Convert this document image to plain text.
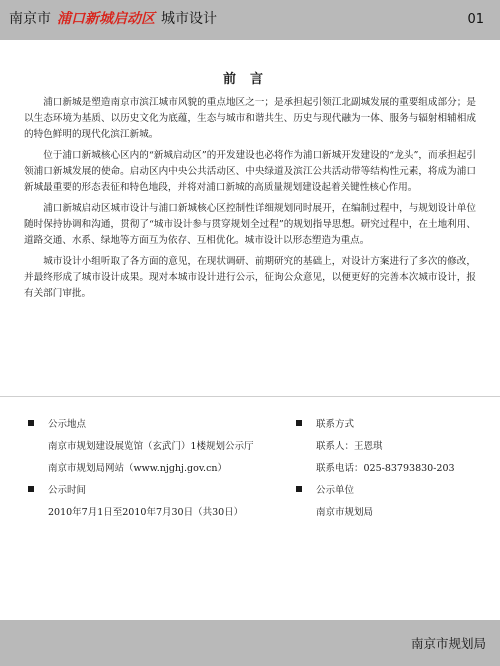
南京市 浦口新城启动区 城市设计	01
前言

浦口新城是塑造南京市滨江城市风貌的重点地区之一；是承担起引领江北副城发展的重要组成部分；是以生态环境为基质、以历史文化为底蕴，生态与城市和谐共生、历史与现代融为一体、服务与辐射相辅相成的特色鲜明的现代化滨江新城。

位于浦口新城核心区内的“新城启动区”的开发建设也必将作为浦口新城开发建设的“龙头”，而承担起引领浦口新城发展的使命。启动区内中央公共活动区、中央绿道及滨江公共活动带等结构性元素，将成为浦口新城最重要的形态表征和特色地段，并将对浦口新城的高质量规划建设起着关键性核心作用。

浦口新城启动区城市设计与浦口新城核心区控制性详细规划同时展开，在编制过程中，与规划设计单位随时保持协调和沟通，贯彻了“城市设计参与贯穿规划全过程”的规划指导思想。研究过程中，在土地利用、道路交通、水系、绿地等方面互为依存、互相优化。城市设计以形态塑造为重点。

城市设计小组听取了各方面的意见，在现状调研、前期研究的基础上，对设计方案进行了多次的修改，并最终形成了城市设计成果。现对本城市设计进行公示，征询公众意见，以便更好的完善本次城市设计，报有关部门审批。

公示地点
南京市规划建设展览馆（玄武门）1楼规划公示厅
南京市规划局网站（www.njghj.gov.cn）
公示时间
2010年7月1日至2010年7月30日（共30日）
联系方式
联系人：王恩琪
联系电话：025-83793830-203
公示单位
南京市规划局
南京市规划局
